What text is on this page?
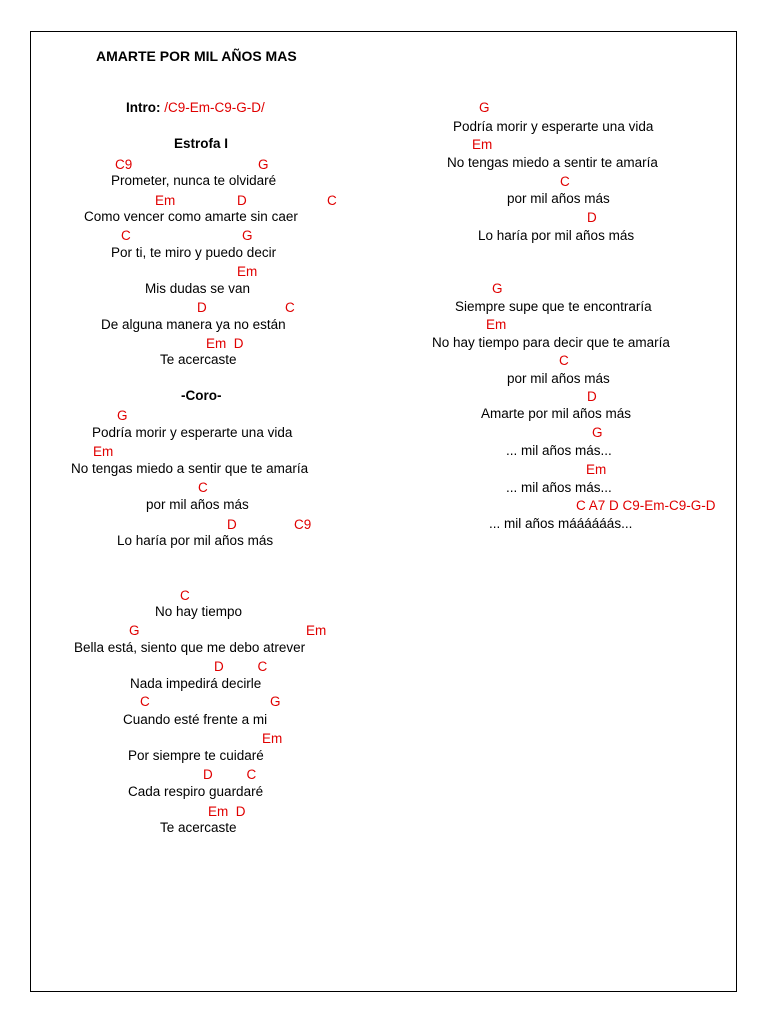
AMARTE POR MIL AÑOS MAS
Intro: /C9-Em-C9-G-D/
Estrofa I
C9	G
Prometer, nunca te olvidaré
Em	D	C
Como vencer como amarte sin caer
C	G
Por ti, te miro y puedo decir
Em
Mis dudas se van
D	C
De alguna manera ya no están
Em  D
Te acercaste
-Coro-
G
Podría morir y esperarte una vida
Em
No tengas miedo a sentir que te amaría
C
por mil años más
D	C9
Lo haría por mil años más
C
No hay tiempo
G	Em
Bella está, siento que me debo atrever
D         C
Nada impedirá decirle
C	G
Cuando esté frente a mi
Em
Por siempre te cuidaré
D         C
Cada respiro guardaré
Em  D
Te acercaste
G
Podría morir y esperarte una vida
Em
No tengas miedo a sentir te amaría
C
por mil años más
D
Lo haría por mil años más
G
Siempre supe que te encontraría
Em
No hay tiempo para decir que te amaría
C
por mil años más
D
Amarte por mil años más
G
... mil años más...
Em
... mil años más...
C A7 D C9-Em-C9-G-D
... mil años máááááás...
